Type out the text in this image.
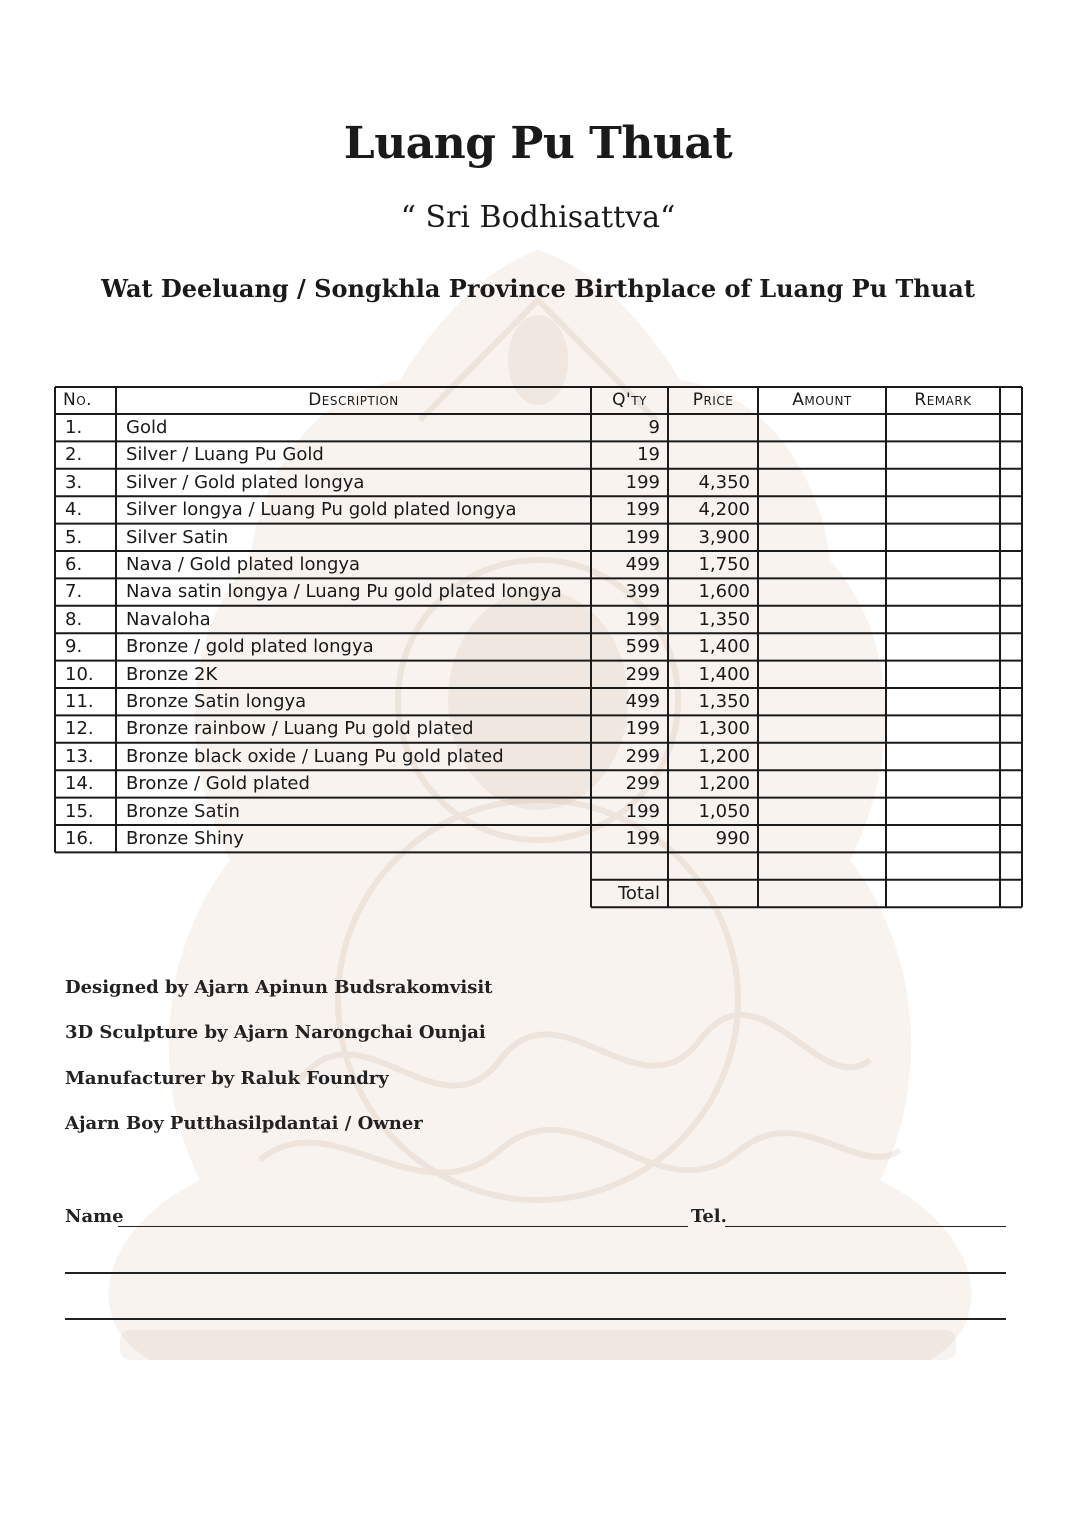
Luang Pu Thuat
“ Sri Bodhisattva“
Wat Deeluang / Songkhla Province Birthplace of Luang Pu Thuat
No.	Description	Q'ty	Price	Amount	Remark
1.	Gold	9
2.	Silver / Luang Pu Gold	19
3.	Silver / Gold plated longya	199	4,350
4.	Silver longya / Luang Pu gold plated longya	199	4,200
5.	Silver Satin	199	3,900
6.	Nava / Gold plated longya	499	1,750
7.	Nava satin longya / Luang Pu gold plated longya	399	1,600
8.	Navaloha	199	1,350
9.	Bronze / gold plated longya	599	1,400
10.	Bronze 2K	299	1,400
11.	Bronze Satin longya	499	1,350
12.	Bronze rainbow / Luang Pu gold plated	199	1,300
13.	Bronze black oxide / Luang Pu gold plated	299	1,200
14.	Bronze / Gold plated	299	1,200
15.	Bronze Satin	199	1,050
16.	Bronze Shiny	199	990
Total
Designed by Ajarn Apinun Budsrakomvisit
3D Sculpture by Ajarn Narongchai Ounjai
Manufacturer by Raluk Foundry
Ajarn Boy Putthasilpdantai / Owner
Name	Tel.
